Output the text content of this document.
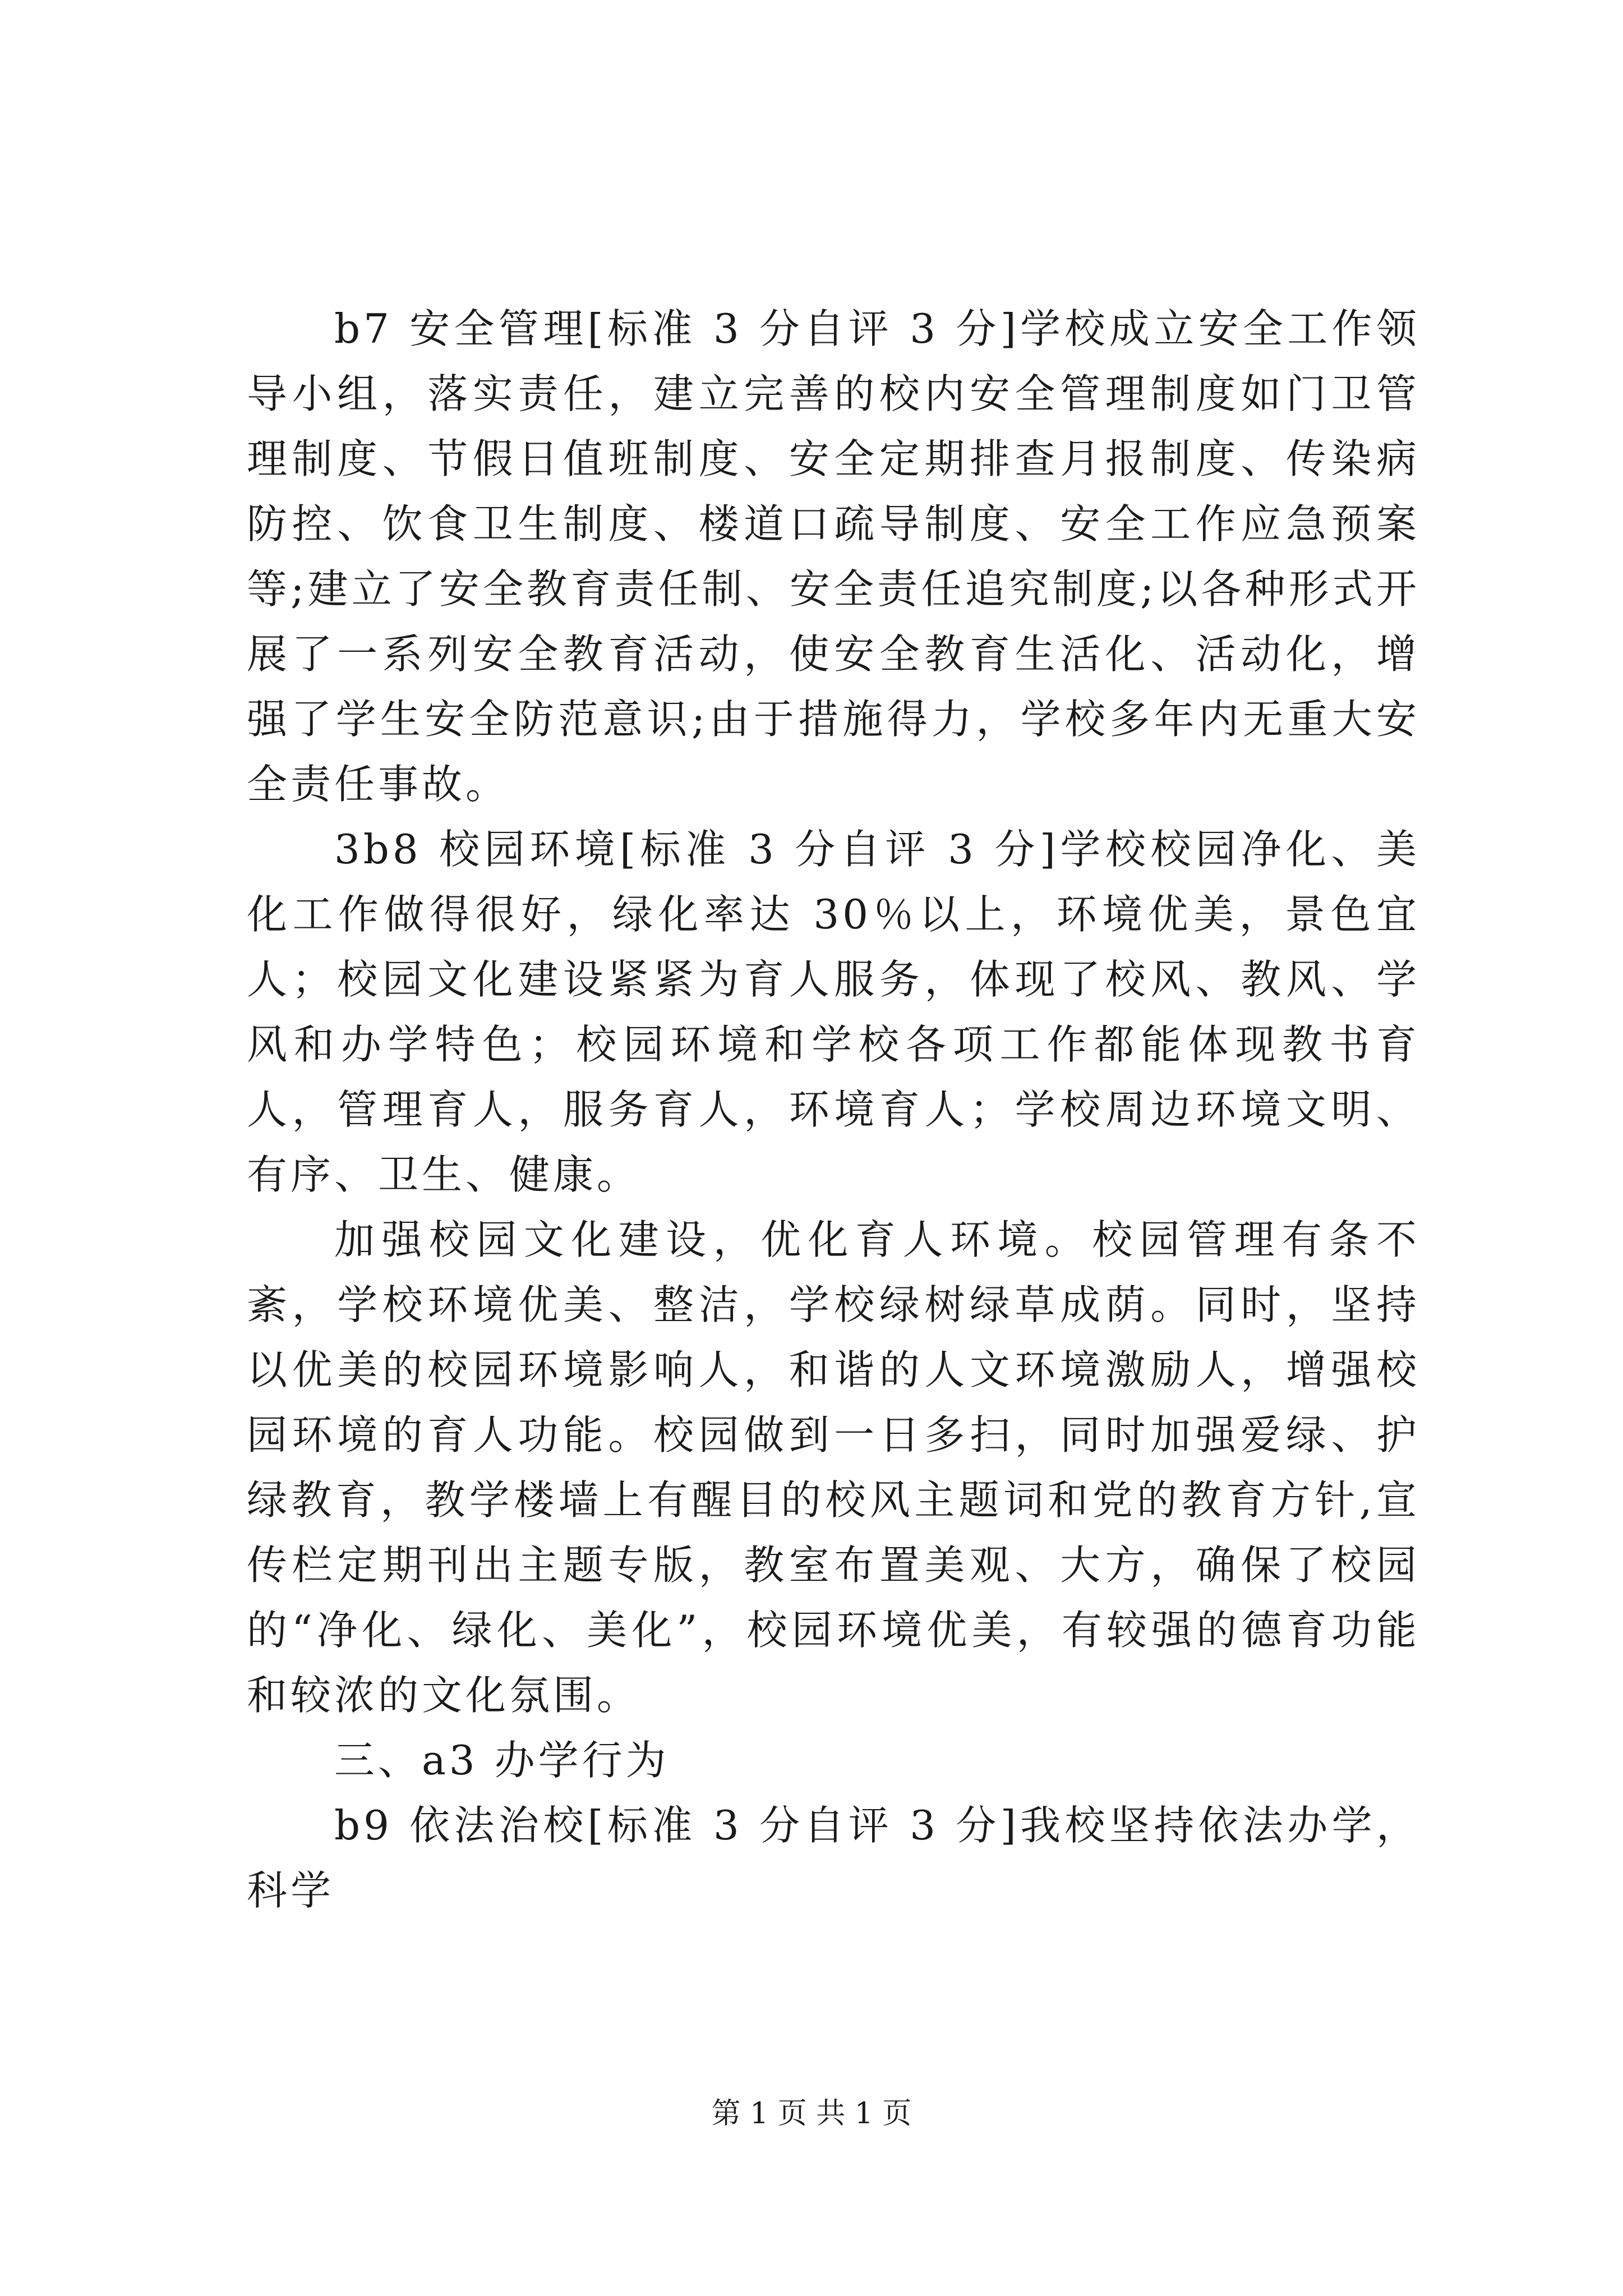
b7 安全管理[标准 3 分自评 3 分]学校成立安全工作领导小组，落实责任，建立完善的校内安全管理制度如门卫管理制度、节假日值班制度、安全定期排查月报制度、传染病防控、饮食卫生制度、楼道口疏导制度、安全工作应急预案等;建立了安全教育责任制、安全责任追究制度;以各种形式开展了一系列安全教育活动，使安全教育生活化、活动化，增强了学生安全防范意识;由于措施得力，学校多年内无重大安全责任事故。

3b8 校园环境[标准 3 分自评 3 分]学校校园净化、美化工作做得很好，绿化率达 30％以上，环境优美，景色宜人；校园文化建设紧紧为育人服务，体现了校风、教风、学风和办学特色；校园环境和学校各项工作都能体现教书育人，管理育人，服务育人，环境育人；学校周边环境文明、有序、卫生、健康。

加强校园文化建设，优化育人环境。校园管理有条不紊，学校环境优美、整洁，学校绿树绿草成荫。同时，坚持以优美的校园环境影响人，和谐的人文环境激励人，增强校园环境的育人功能。校园做到一日多扫，同时加强爱绿、护绿教育，教学楼墙上有醒目的校风主题词和党的教育方针,宣传栏定期刊出主题专版，教室布置美观、大方，确保了校园的“净化、绿化、美化”，校园环境优美，有较强的德育功能和较浓的文化氛围。

三、a3 办学行为

b9 依法治校[标准 3 分自评 3 分]我校坚持依法办学，科学

第 1 页 共 1 页
